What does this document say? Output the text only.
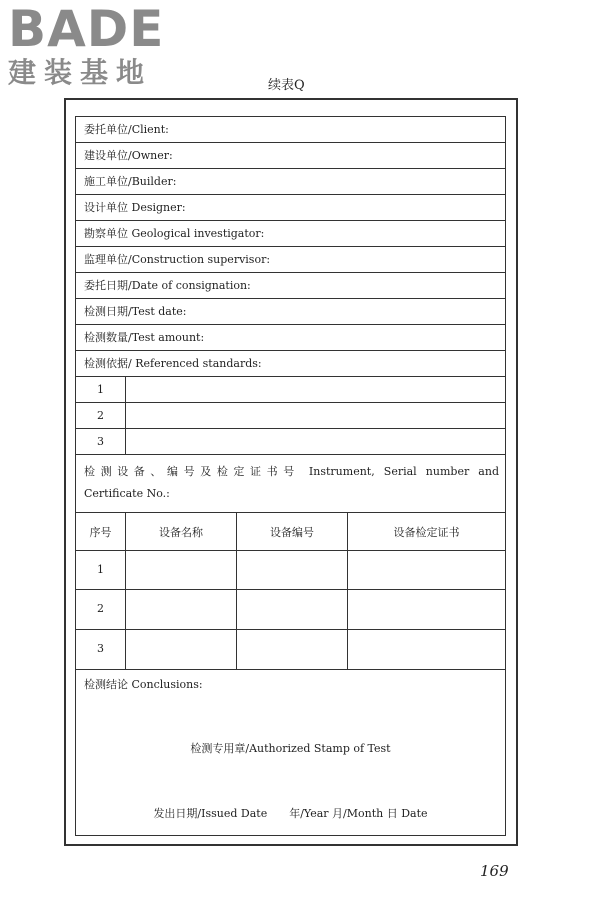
BADE
建装基地	续表Q
委托单位/Client:
建设单位/Owner:
施工单位/Builder:
设计单位 Designer:
勘察单位 Geological investigator:
监理单位/Construction supervisor:
委托日期/Date of consignation:
检测日期/Test date:
检测数量/Test amount:
检测依据/ Referenced standards:
1
2
3
检测设备、编号及检定证书号 Instrument, Serial number and
Certificate No.:
序号	设备名称	设备编号	设备检定证书
1
2
3
检测结论 Conclusions:
检测专用章/Authorized Stamp of Test
发出日期/Issued Date　　年/Year 月/Month 日 Date
169
